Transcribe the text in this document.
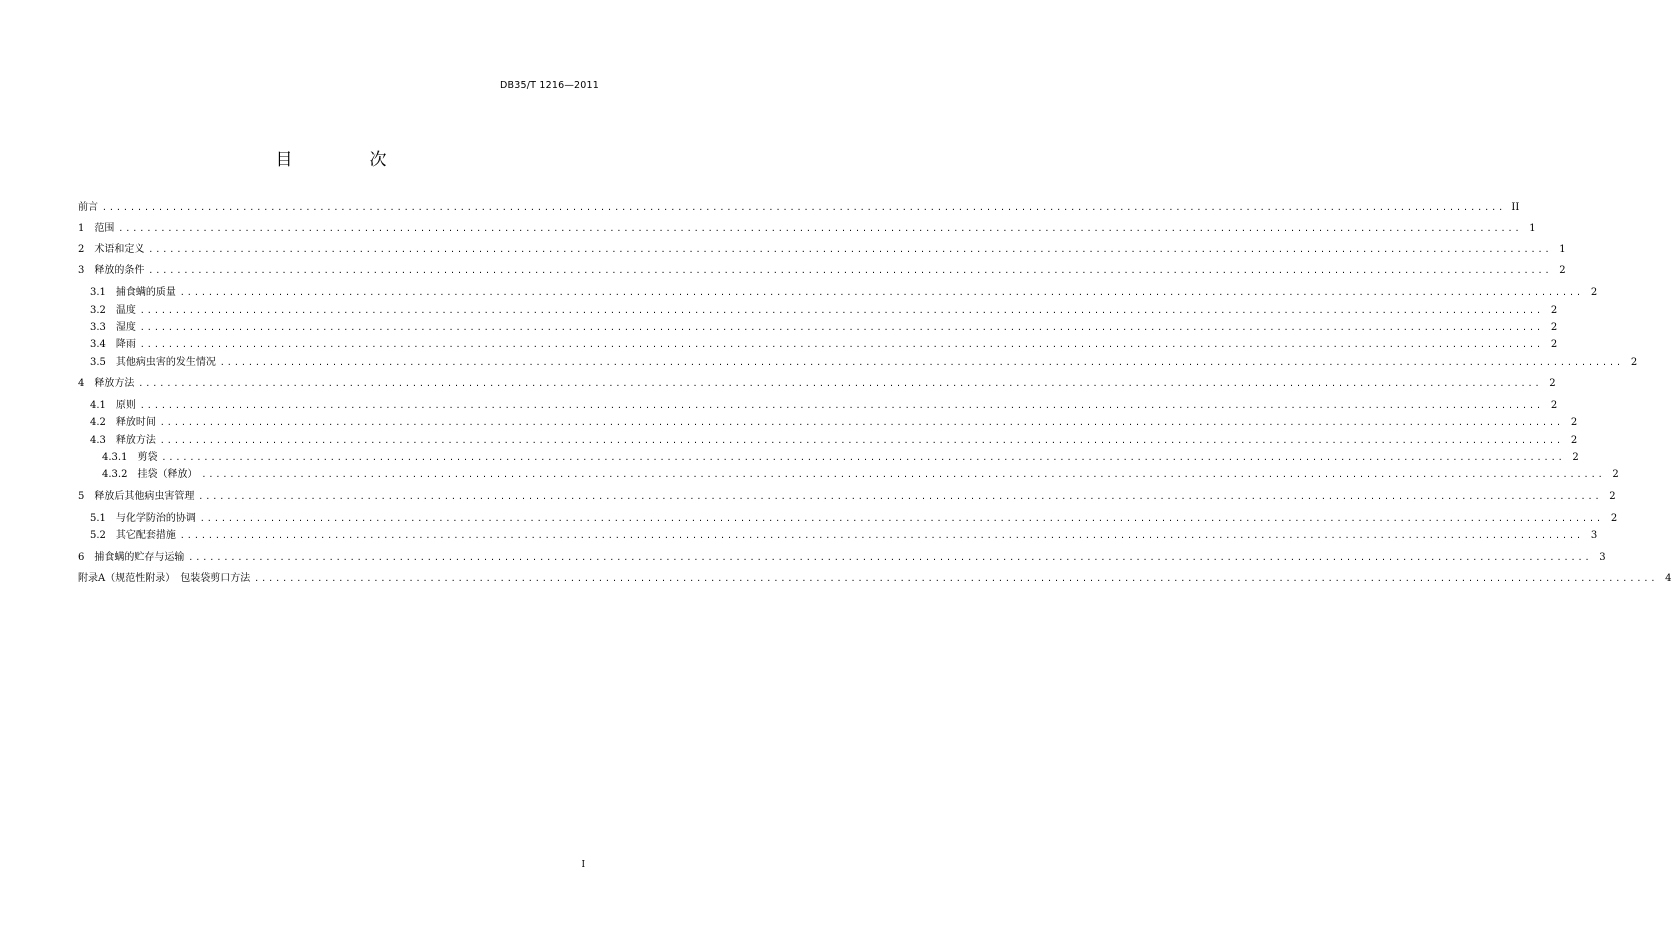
DB35/T 1216—2011
目　次
前言 ........................................................................................................................................................................................................ II
1 范围 ........................................................................................................................................................................................................ 1
2 术语和定义 ........................................................................................................................................................................................................ 1
3 释放的条件 ........................................................................................................................................................................................................ 2
3.1 捕食螨的质量 ........................................................................................................................................................................................................ 2
3.2 温度 ........................................................................................................................................................................................................ 2
3.3 湿度 ........................................................................................................................................................................................................ 2
3.4 降雨 ........................................................................................................................................................................................................ 2
3.5 其他病虫害的发生情况 ........................................................................................................................................................................................................ 2
4 释放方法 ........................................................................................................................................................................................................ 2
4.1 原则 ........................................................................................................................................................................................................ 2
4.2 释放时间 ........................................................................................................................................................................................................ 2
4.3 释放方法 ........................................................................................................................................................................................................ 2
4.3.1 剪袋 ........................................................................................................................................................................................................ 2
4.3.2 挂袋（释放） ........................................................................................................................................................................................................ 2
5 释放后其他病虫害管理 ........................................................................................................................................................................................................ 2
5.1 与化学防治的协调 ........................................................................................................................................................................................................ 2
5.2 其它配套措施 ........................................................................................................................................................................................................ 3
6 捕食螨的贮存与运输 ........................................................................................................................................................................................................ 3
附录A（规范性附录）　包装袋剪口方法 ........................................................................................................................................................................................................ 4
I
